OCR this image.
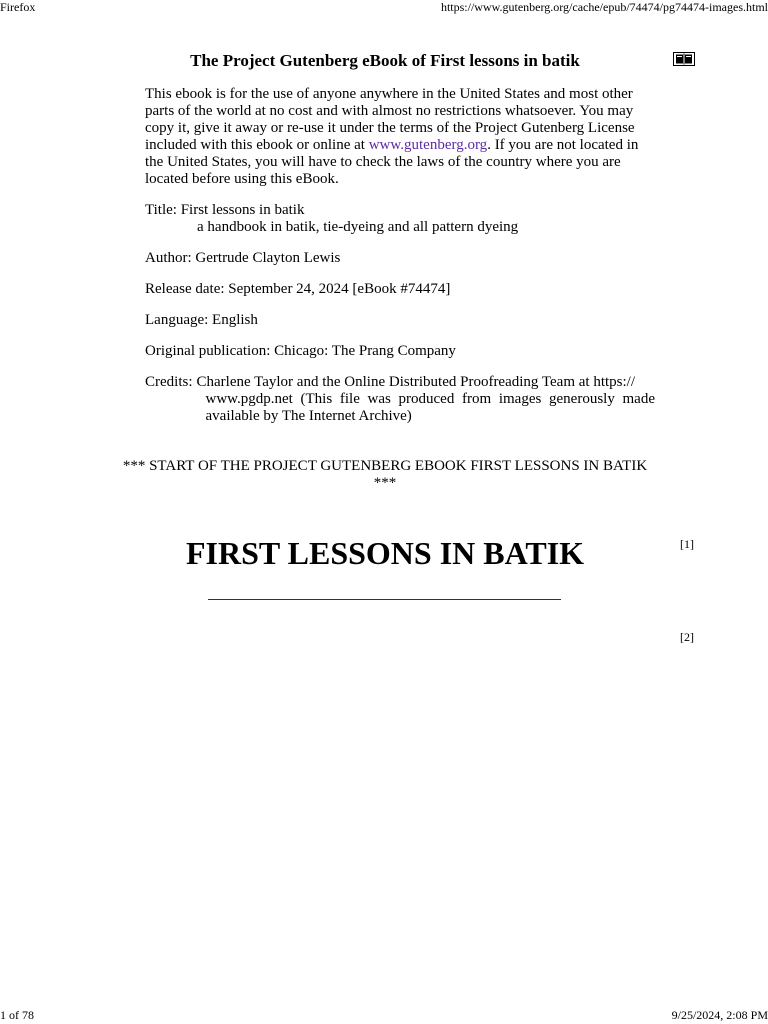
Firefox	https://www.gutenberg.org/cache/epub/74474/pg74474-images.html
The Project Gutenberg eBook of First lessons in batik

This ebook is for the use of anyone anywhere in the United States and most other parts of the world at no cost and with almost no restrictions whatsoever. You may copy it, give it away or re-use it under the terms of the Project Gutenberg License included with this ebook or online at www.gutenberg.org. If you are not located in the United States, you will have to check the laws of the country where you are located before using this eBook.

Title: First lessons in batik
a handbook in batik, tie-dyeing and all pattern dyeing

Author: Gertrude Clayton Lewis

Release date: September 24, 2024 [eBook #74474]

Language: English

Original publication: Chicago: The Prang Company

Credits: Charlene Taylor and the Online Distributed Proofreading Team at https://
www.pgdp.net (This file was produced from images generously made available by The Internet Archive)

*** START OF THE PROJECT GUTENBERG EBOOK FIRST LESSONS IN BATIK ***

[1]
FIRST LESSONS IN BATIK
[2]
1 of 78	9/25/2024, 2:08 PM
